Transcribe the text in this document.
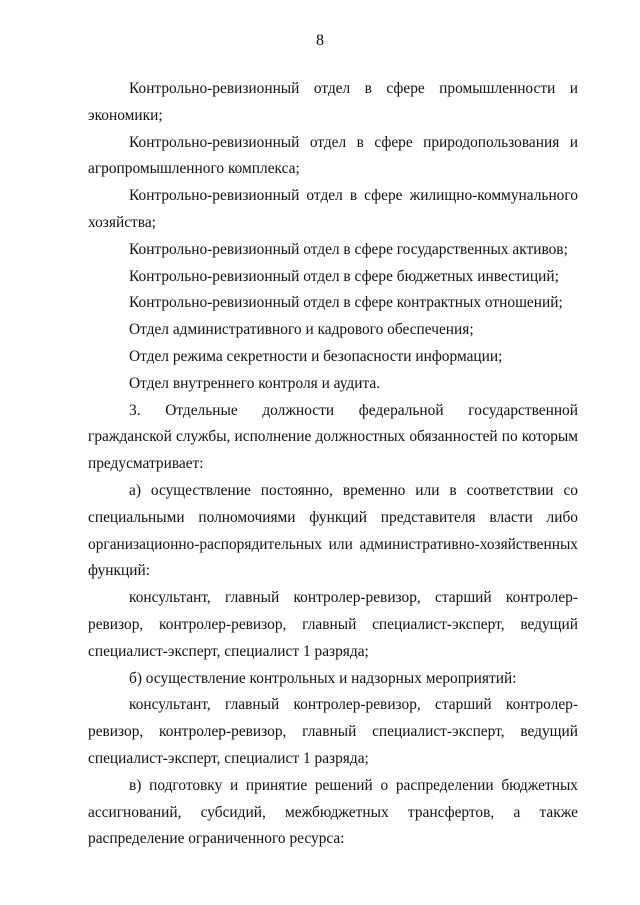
8

Контрольно-ревизионный отдел в сфере промышленности и экономики;

Контрольно-ревизионный отдел в сфере природопользования и агропромышленного комплекса;

Контрольно-ревизионный отдел в сфере жилищно-коммунального хозяйства;

Контрольно-ревизионный отдел в сфере государственных активов;

Контрольно-ревизионный отдел в сфере бюджетных инвестиций;

Контрольно-ревизионный отдел в сфере контрактных отношений;

Отдел административного и кадрового обеспечения;

Отдел режима секретности и безопасности информации;

Отдел внутреннего контроля и аудита.

3. Отдельные должности федеральной государственной гражданской службы, исполнение должностных обязанностей по которым предусматривает:

а) осуществление постоянно, временно или в соответствии со специальными полномочиями функций представителя власти либо организационно-распорядительных или административно-хозяйственных функций:

консультант, главный контролер-ревизор, старший контролер-ревизор, контролер-ревизор, главный специалист-эксперт, ведущий специалист-эксперт, специалист 1 разряда;

б) осуществление контрольных и надзорных мероприятий:

консультант, главный контролер-ревизор, старший контролер-ревизор, контролер-ревизор, главный специалист-эксперт, ведущий специалист-эксперт, специалист 1 разряда;

в) подготовку и принятие решений о распределении бюджетных ассигнований, субсидий, межбюджетных трансфертов, а также распределение ограниченного ресурса:
